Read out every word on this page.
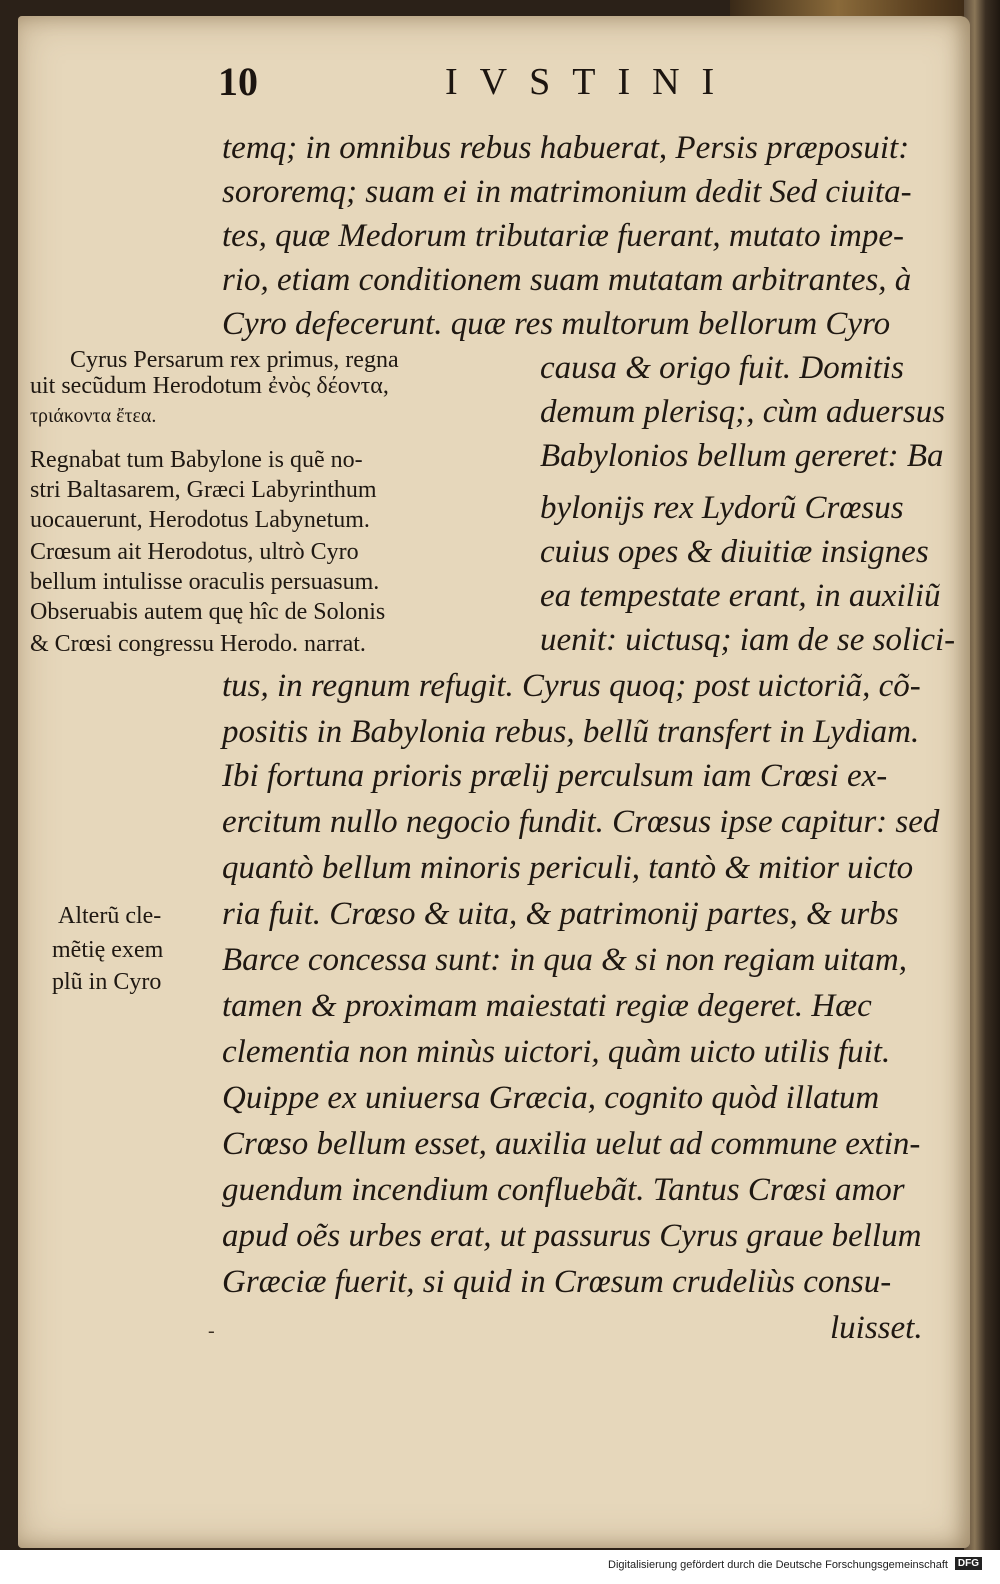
10	IVSTINI
temq; in omnibus rebus habuerat, Persis præposuit:
sororemq; suam ei in matrimonium dedit Sed ciuita-
tes, quæ Medorum tributariæ fuerant, mutato impe-
rio, etiam conditionem suam mutatam arbitrantes, à
Cyro defecerunt. quæ res multorum bellorum Cyro
causa & origo fuit. Domitis
demum plerisq;, cùm aduersus
Babylonios bellum gereret: Ba
bylonijs rex Lydorũ Crœsus
cuius opes & diuitiæ insignes
ea tempestate erant, in auxiliũ
uenit: uictusq; iam de se solici-
tus, in regnum refugit. Cyrus quoq; post uictoriã, cõ-
positis in Babylonia rebus, bellũ transfert in Lydiam.
Ibi fortuna prioris prælij perculsum iam Crœsi ex-
ercitum nullo negocio fundit. Crœsus ipse capitur: sed
quantò bellum minoris periculi, tantò & mitior uicto
ria fuit. Crœso & uita, & patrimonij partes, & urbs
Barce concessa sunt: in qua & si non regiam uitam,
tamen & proximam maiestati regiæ degeret. Hæc
clementia non minùs uictori, quàm uicto utilis fuit.
Quippe ex uniuersa Græcia, cognito quòd illatum
Crœso bellum esset, auxilia uelut ad commune extin-
guendum incendium confluebãt. Tantus Crœsi amor
apud oẽs urbes erat, ut passurus Cyrus graue bellum
Græciæ fuerit, si quid in Crœsum crudeliùs consu-
luisset.
Cyrus Persarum rex primus, regna
uit secũdum Herodotum ἐνὸς δέοντα,
τριάκοντα ἔτεα.
Regnabat tum Babylone is quẽ no-
stri Baltasarem, Græci Labyrinthum
uocauerunt, Herodotus Labynetum.
Crœsum ait Herodotus, ultrò Cyro
bellum intulisse oraculis persuasum.
Obseruabis autem quę hîc de Solonis
& Crœsi congressu Herodo. narrat.
Alterũ cle-
mẽtię exem
plũ in Cyro
-
Digitalisierung gefördert durch die Deutsche Forschungsgemeinschaft DFG
